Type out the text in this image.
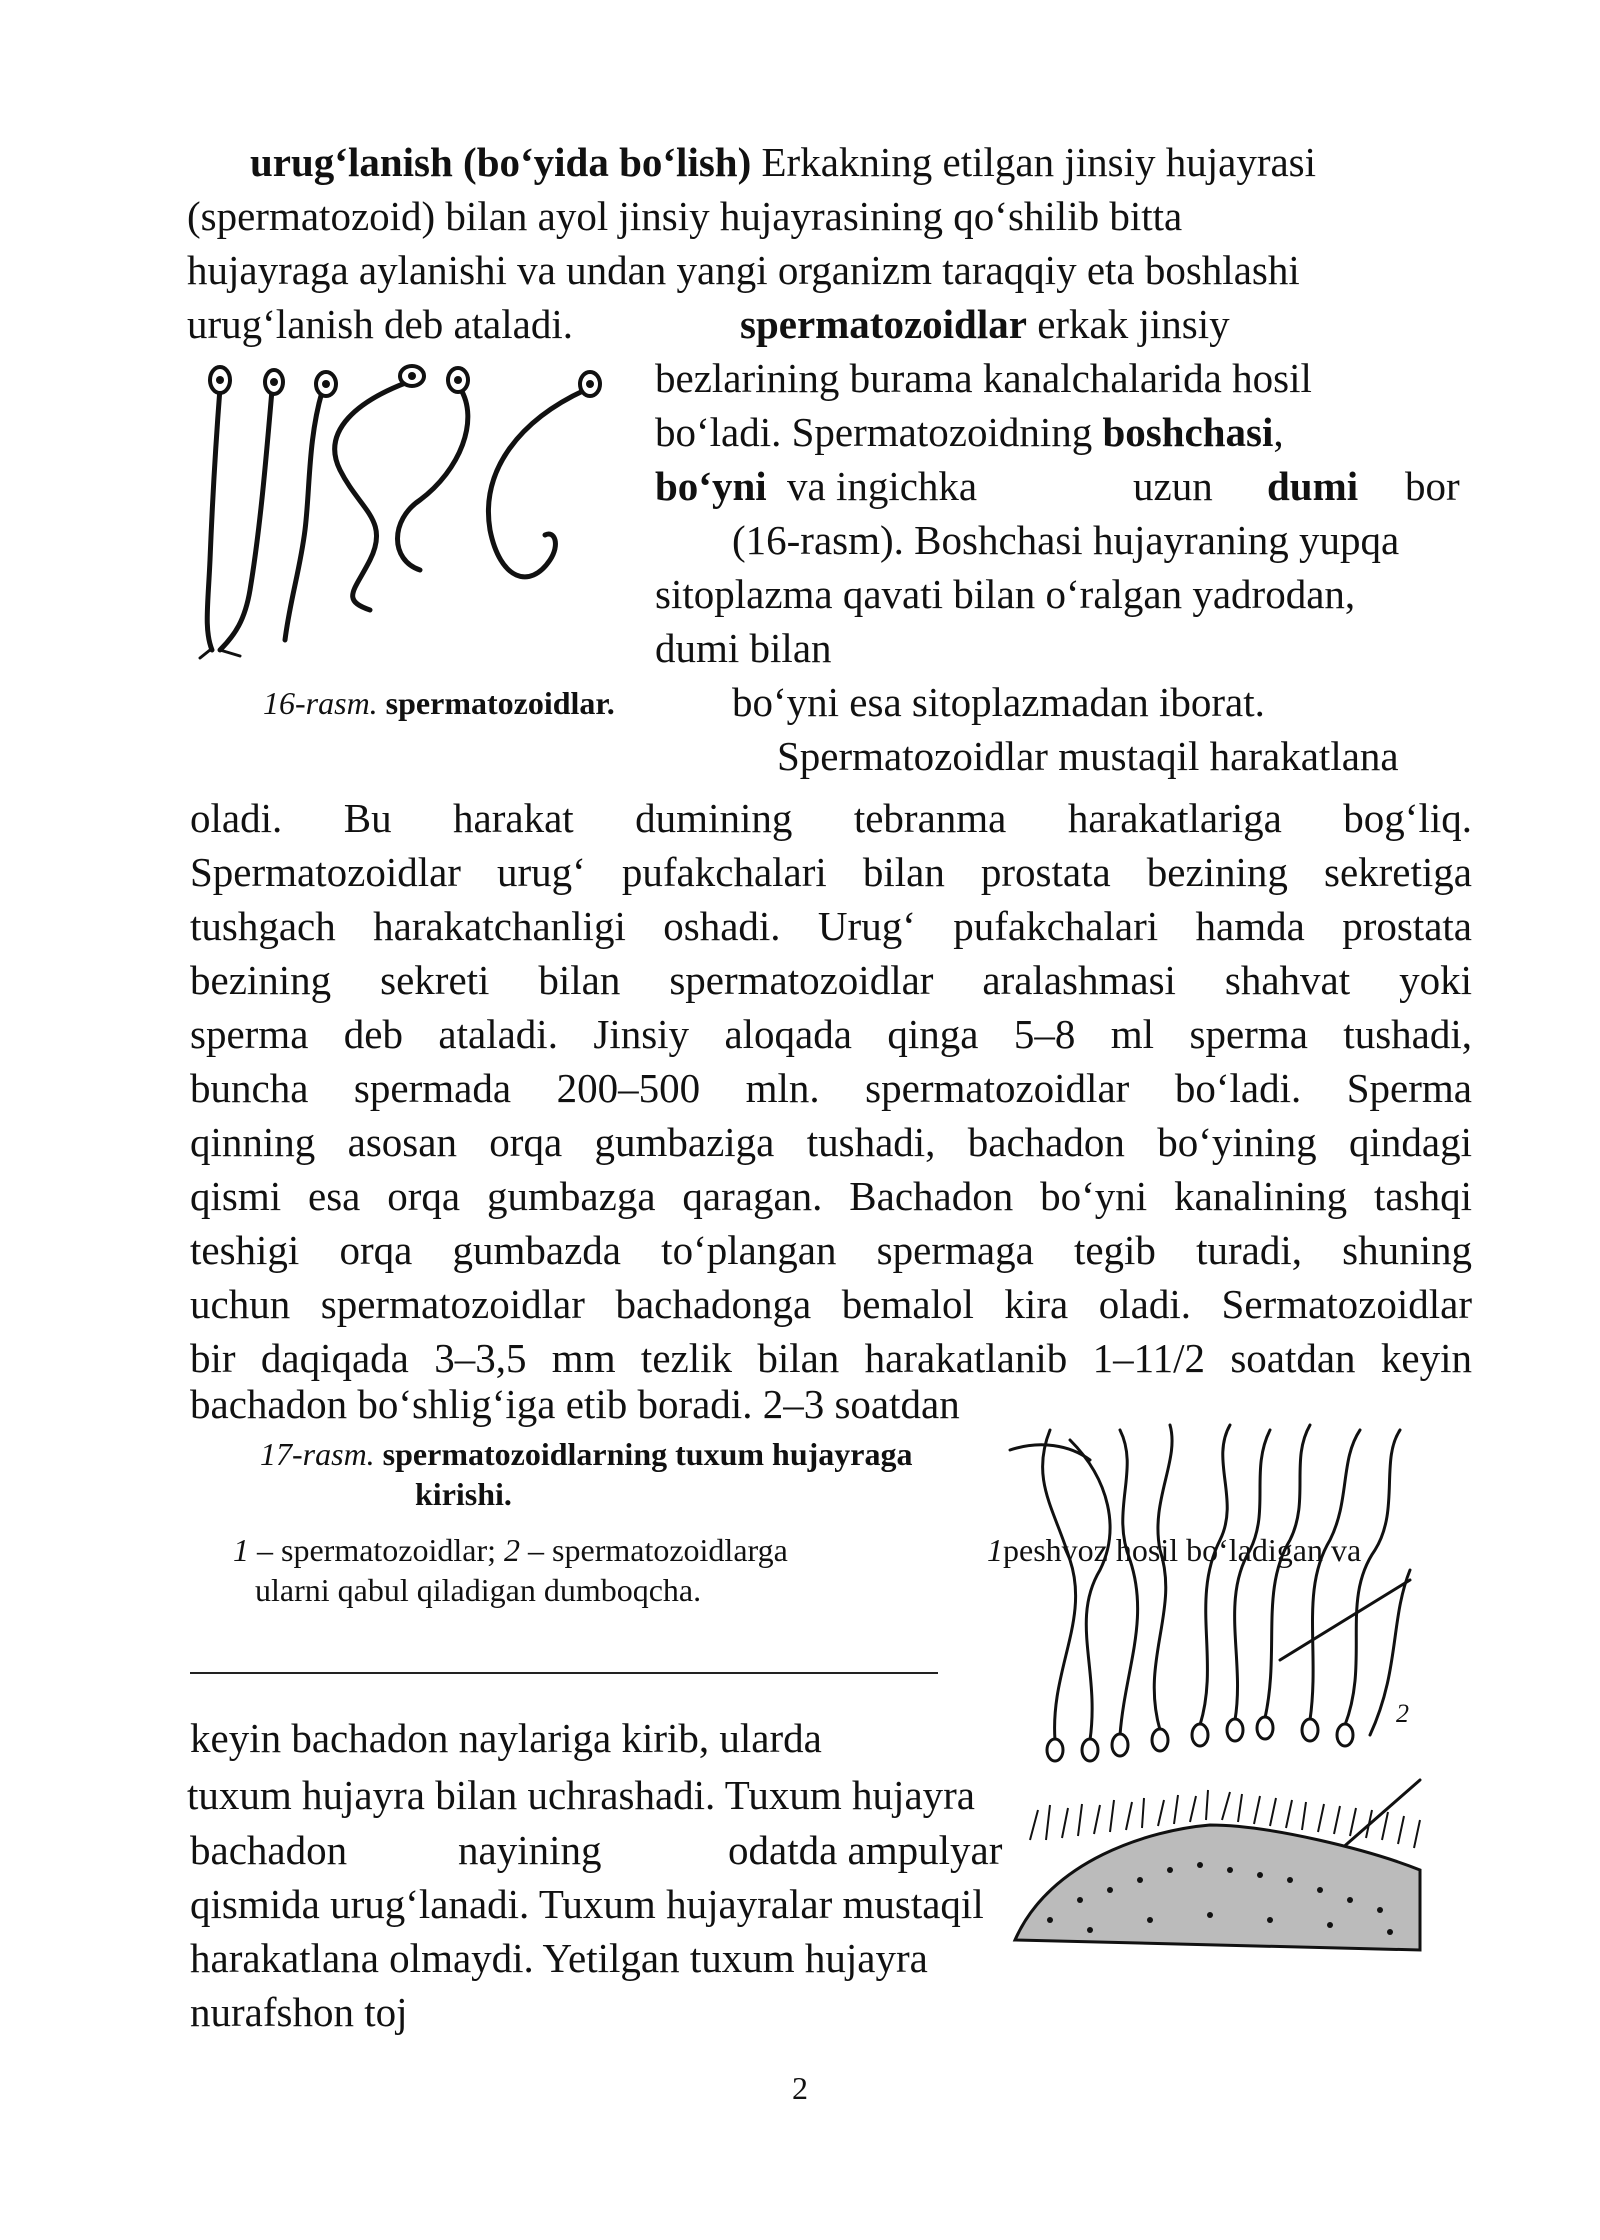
urug‘lanish (bo‘yida bo‘lish) Erkakning etilgan jinsiy hujayrasi
(spermatozoid) bilan ayol jinsiy hujayrasining qo‘shilib bitta
hujayraga aylanishi va undan yangi organizm taraqqiy eta boshlashi
urug‘lanish deb ataladi.	spermatozoidlar erkak jinsiy
bezlarining burama kanalchalarida hosil
bo‘ladi. Spermatozoidning boshchasi,
bo‘yni va ingichka	uzun dumi bor
(16-rasm). Boshchasi hujayraning yupqa
sitoplazma qavati bilan o‘ralgan yadrodan,
dumi bilan
16-rasm. spermatozoidlar.	bo‘yni esa sitoplazmadan iborat.
Spermatozoidlar mustaqil harakatlana
oladi. Bu harakat dumining tebranma harakatlariga bog‘liq.
Spermatozoidlar urug‘ pufakchalari bilan prostata bezining sekretiga
tushgach harakatchanligi oshadi. Urug‘ pufakchalari hamda prostata
bezining sekreti bilan spermatozoidlar aralashmasi shahvat yoki
sperma deb ataladi. Jinsiy aloqada qinga 5–8 ml sperma tushadi,
buncha spermada 200–500 mln. spermatozoidlar bo‘ladi. Sperma
qinning asosan orqa gumbaziga tushadi, bachadon bo‘yining qindagi
qismi esa orqa gumbazga qaragan. Bachadon bo‘yni kanalining tashqi
teshigi orqa gumbazda to‘plangan spermaga tegib turadi, shuning
uchun spermatozoidlar bachadonga bemalol kira oladi. Sermatozoidlar
bir daqiqada 3–3,5 mm tezlik bilan harakatlanib 1–11/2 soatdan keyin
bachadon bo‘shlig‘iga etib boradi. 2–3 soatdan
17-rasm. spermatozoidlarning tuxum hujayraga
kirishi.
1 – spermatozoidlar; 2 – spermatozoidlarga
ularni qabul qiladigan dumboqcha.
1peshvoz hosil bo‘ladigan va
2
keyin bachadon naylariga kirib, ularda
tuxum hujayra bilan uchrashadi. Tuxum hujayra
bachadon	nayining	odatda ampulyar
qismida urug‘lanadi. Tuxum hujayralar mustaqil
harakatlana olmaydi. Yetilgan tuxum hujayra
nurafshon toj
2
